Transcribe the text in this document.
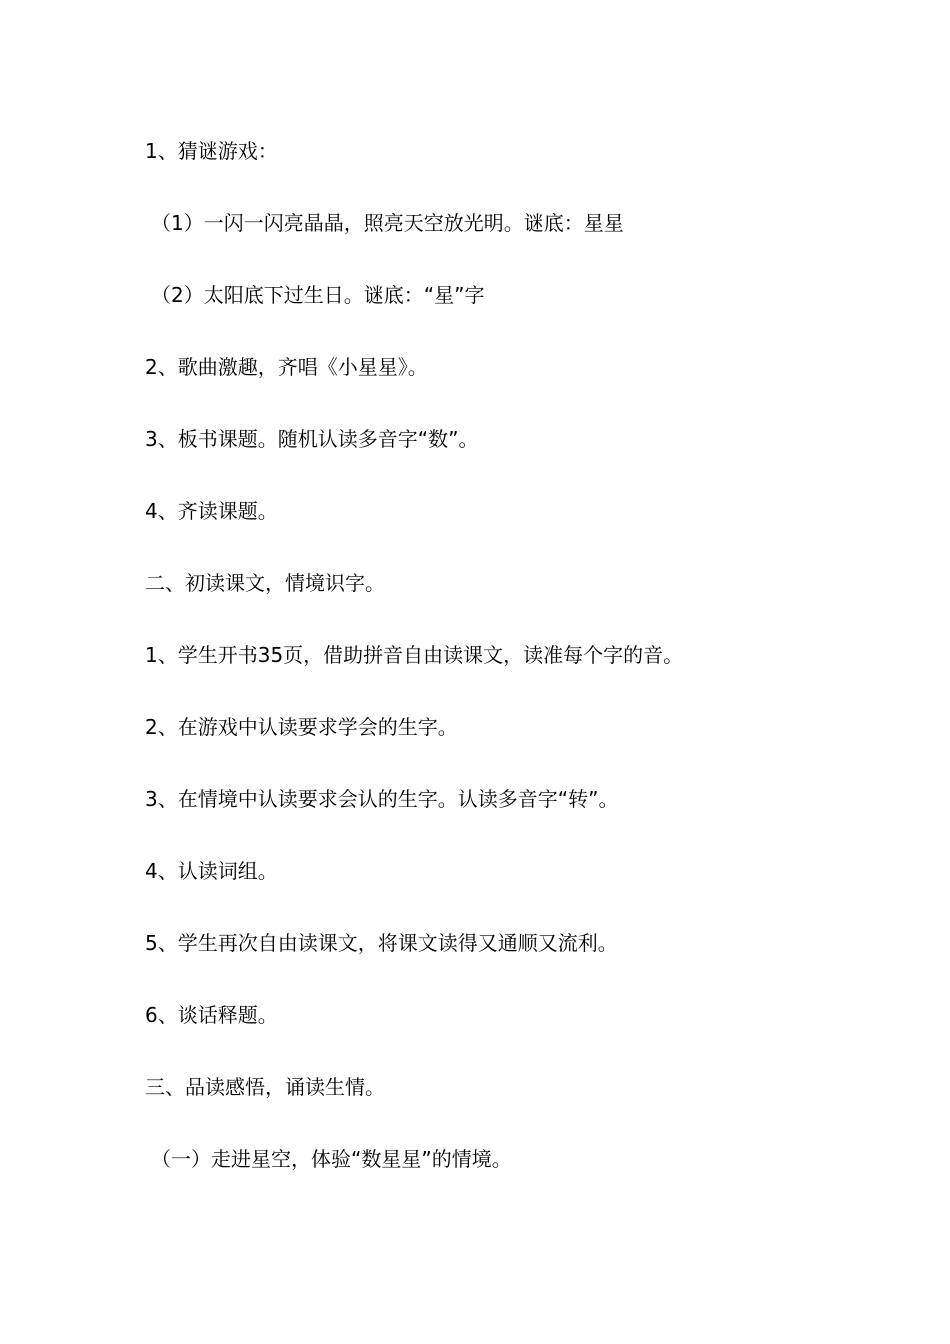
1、猜谜游戏：

（1）一闪一闪亮晶晶，照亮天空放光明。谜底：星星

（2）太阳底下过生日。谜底：“星”字

2、歌曲激趣，齐唱《小星星》。

3、板书课题。随机认读多音字“数”。

4、齐读课题。

二、初读课文，情境识字。

1、学生开书35页，借助拼音自由读课文，读准每个字的音。

2、在游戏中认读要求学会的生字。

3、在情境中认读要求会认的生字。认读多音字“转”。

4、认读词组。

5、学生再次自由读课文，将课文读得又通顺又流利。

6、谈话释题。

三、品读感悟，诵读生情。

（一）走进星空，体验“数星星”的情境。
